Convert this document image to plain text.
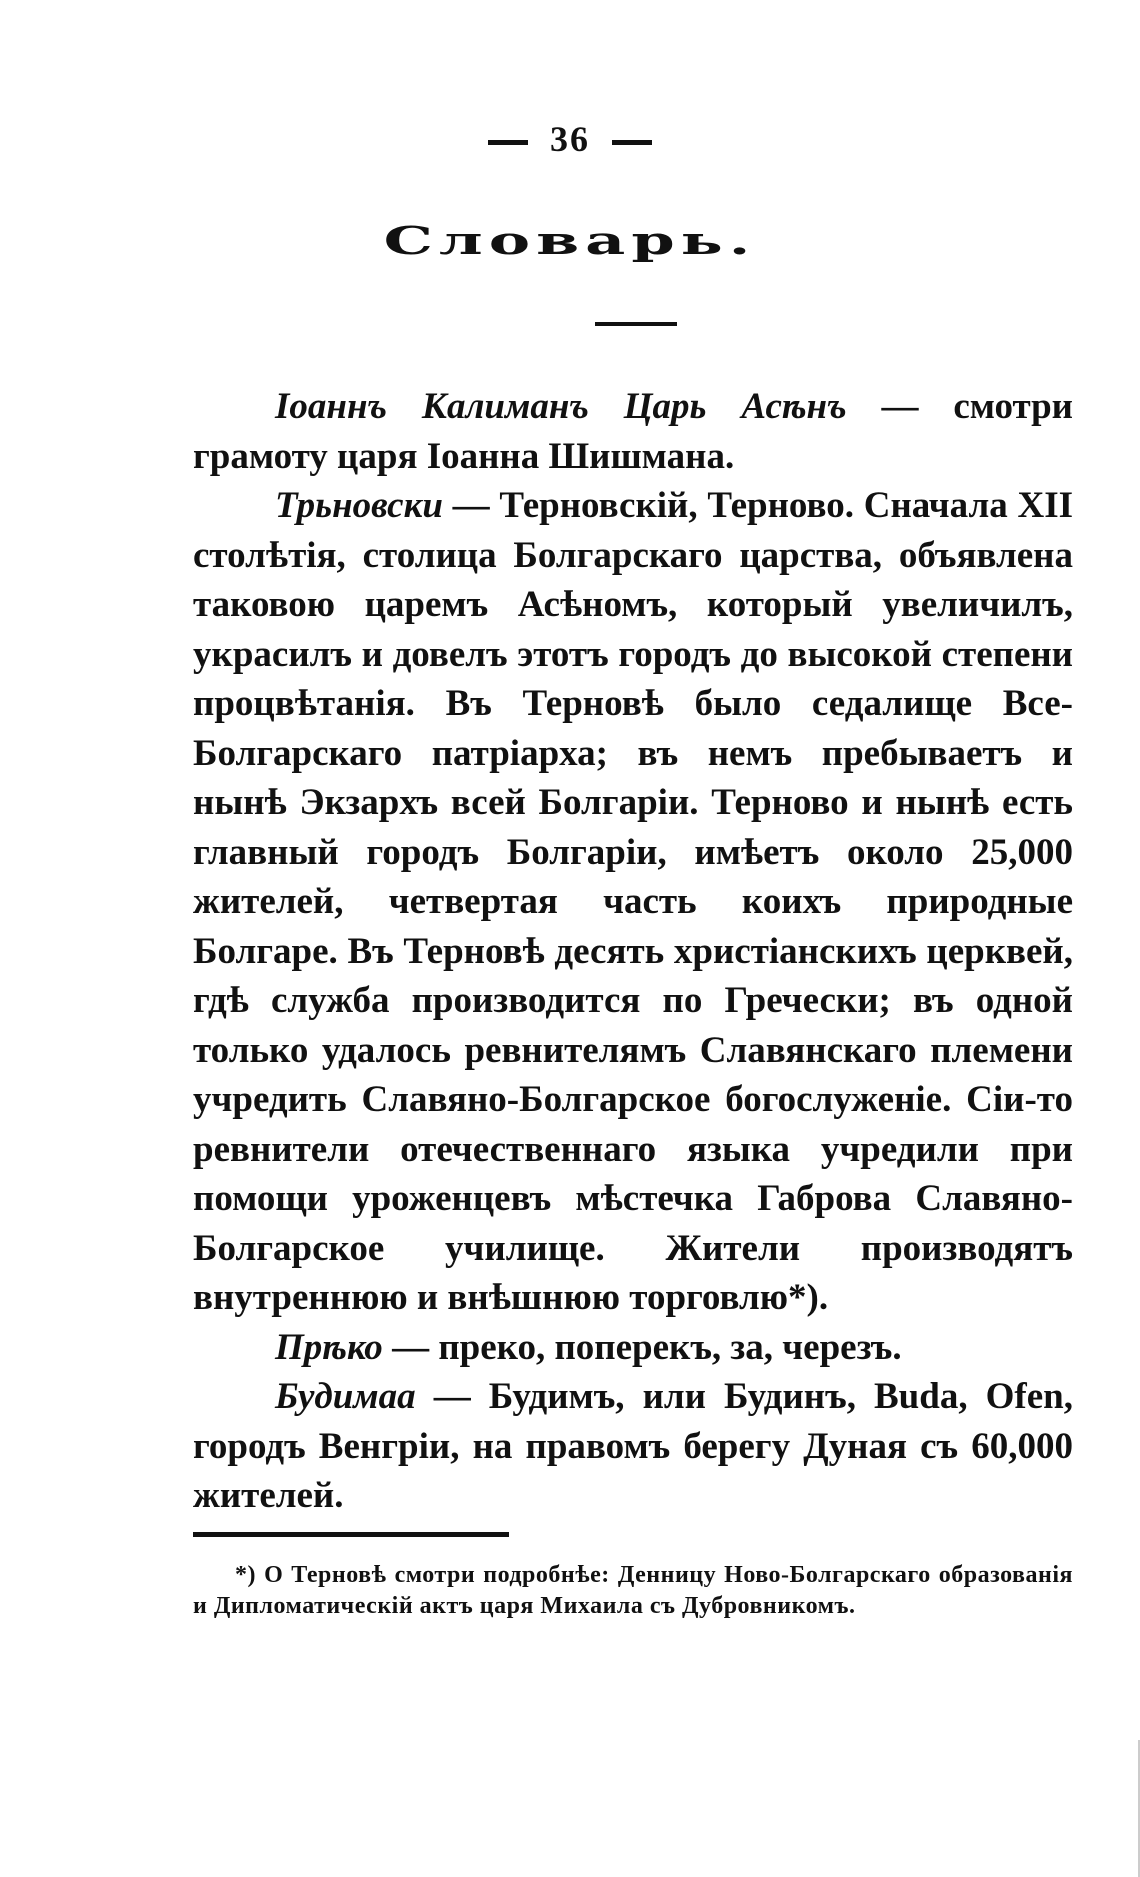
36
Словарь.

Іоаннъ Калиманъ Царь Асѣнъ — смотри грамоту царя Іоанна Шишмана.

Трьновски — Терновскій, Терново. Сначала XII столѣтія, столица Болгарскаго царства, объявлена таковою царемъ Асѣномъ, который увеличилъ, украсилъ и довелъ этотъ городъ до высокой степени процвѣтанія. Въ Терновѣ было седалище Все-Болгарскаго патріарха; въ немъ пребываетъ и нынѣ Экзархъ всей Болгаріи. Терново и нынѣ есть главный городъ Болгаріи, имѣетъ около 25,000 жителей, четвертая часть коихъ природные Болгаре. Въ Терновѣ десять христіанскихъ церквей, гдѣ служба производится по Гречески; въ одной только удалось ревнителямъ Славянскаго племени учредить Славяно-Болгарское богослуженіе. Сіи-то ревнители отечественнаго языка учредили при помощи уроженцевъ мѣстечка Габрова Славяно-Болгарское училище. Жители производятъ внутреннюю и внѣшнюю торговлю*).

Прѣко — преко, поперекъ, за, черезъ.

Будимаа — Будимъ, или Будинъ, Buda, Ofen, городъ Венгріи, на правомъ берегу Дуная съ 60,000 жителей.

*) О Терновѣ смотри подробнѣе: Денницу Ново-Болгарскаго образованія и Дипломатическій актъ царя Михаила съ Дубровникомъ.
